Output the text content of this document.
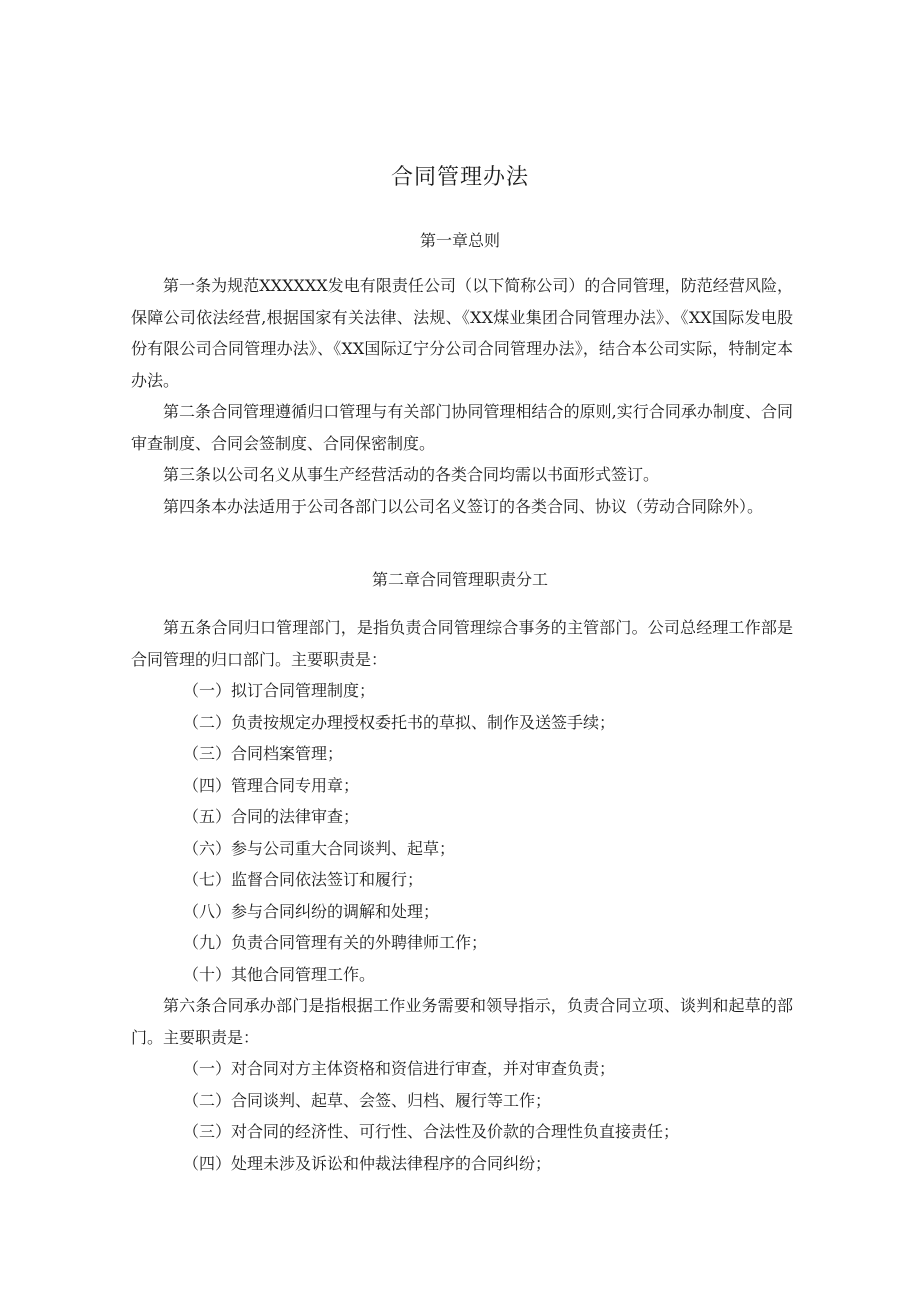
合同管理办法
第一章总则

第一条为规范XXXXXX发电有限责任公司（以下简称公司）的合同管理，防范经营风险，保障公司依法经营,根据国家有关法律、法规、《XX煤业集团合同管理办法》、《XX国际发电股份有限公司合同管理办法》、《XX国际辽宁分公司合同管理办法》，结合本公司实际，特制定本办法。

第二条合同管理遵循归口管理与有关部门协同管理相结合的原则,实行合同承办制度、合同审查制度、合同会签制度、合同保密制度。

第三条以公司名义从事生产经营活动的各类合同均需以书面形式签订。

第四条本办法适用于公司各部门以公司名义签订的各类合同、协议（劳动合同除外）。

第二章合同管理职责分工

第五条合同归口管理部门，是指负责合同管理综合事务的主管部门。公司总经理工作部是合同管理的归口部门。主要职责是：

（一）拟订合同管理制度；

（二）负责按规定办理授权委托书的草拟、制作及送签手续；

（三）合同档案管理；

（四）管理合同专用章；

（五）合同的法律审查；

（六）参与公司重大合同谈判、起草；

（七）监督合同依法签订和履行；

（八）参与合同纠纷的调解和处理；

（九）负责合同管理有关的外聘律师工作；

（十）其他合同管理工作。

第六条合同承办部门是指根据工作业务需要和领导指示，负责合同立项、谈判和起草的部门。主要职责是：

（一）对合同对方主体资格和资信进行审查，并对审查负责；

（二）合同谈判、起草、会签、归档、履行等工作；

（三）对合同的经济性、可行性、合法性及价款的合理性负直接责任；

（四）处理未涉及诉讼和仲裁法律程序的合同纠纷；
